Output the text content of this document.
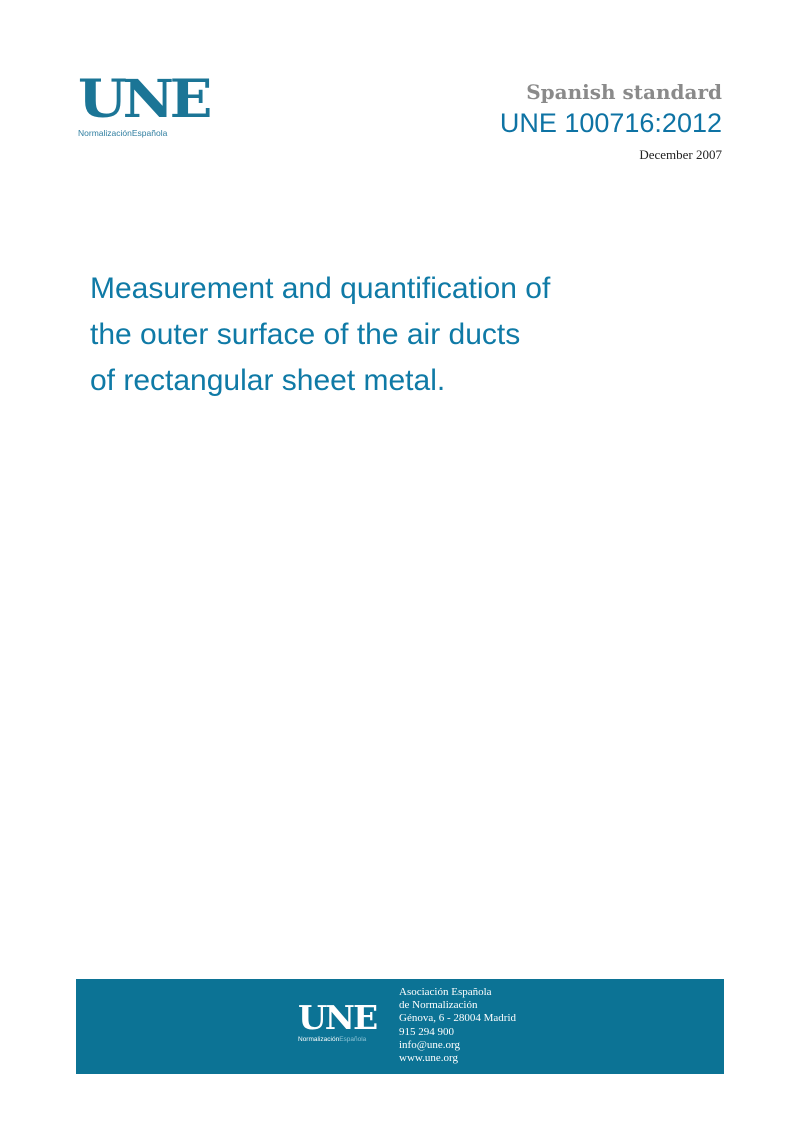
UNE
NormalizaciónEspañola
Spanish standard
UNE 100716:2012
December 2007
Measurement and quantification of
the outer surface of the air ducts
of rectangular sheet metal.
UNE
NormalizaciónEspañola
Asociación Española
de Normalización
Génova, 6 - 28004 Madrid
915 294 900
info@une.org
www.une.org
